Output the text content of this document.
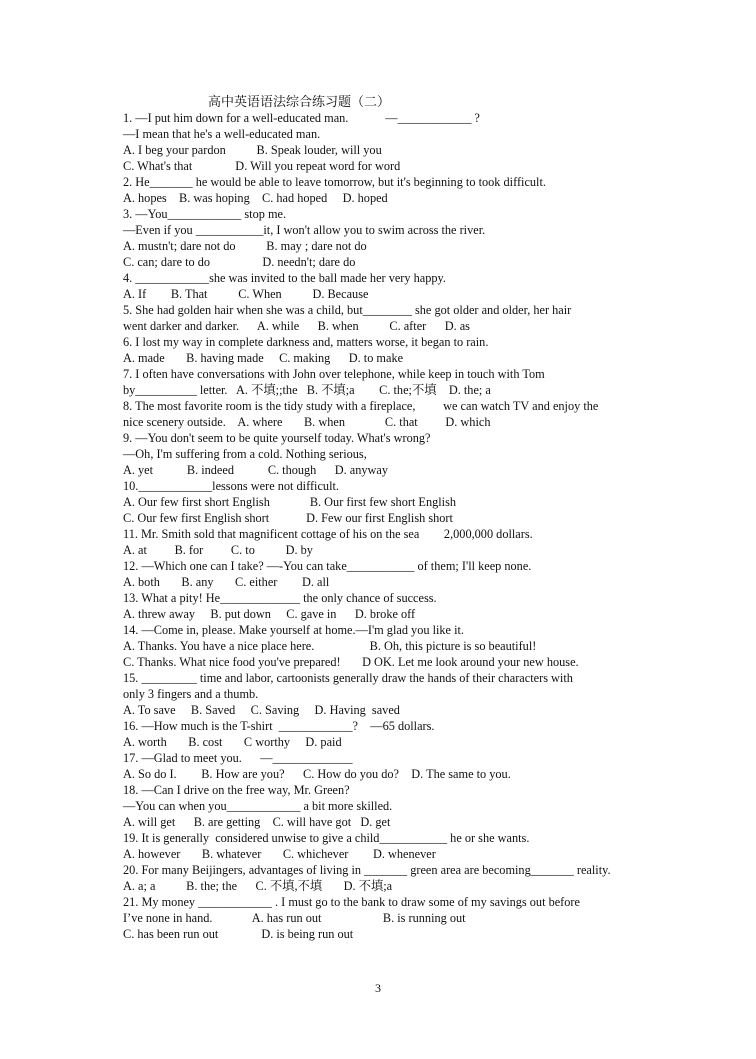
高中英语语法综合练习题（二）
1. —I put him down for a well-educated man.            —____________ ?
—I mean that he's a well-educated man.
A. I beg your pardon          B. Speak louder, will you
C. What's that              D. Will you repeat word for word
2. He_______ he would be able to leave tomorrow, but it's beginning to took difficult.
A. hopes    B. was hoping    C. had hoped     D. hoped
3. —You____________ stop me.
—Even if you ___________it, I won't allow you to swim across the river.
A. mustn't; dare not do          B. may ; dare not do
C. can; dare to do                 D. needn't; dare do
4. ____________she was invited to the ball made her very happy.
A. If        B. That          C. When          D. Because
5. She had golden hair when she was a child, but________ she got older and older, her hair
went darker and darker.      A. while      B. when          C. after      D. as
6. I lost my way in complete darkness and, matters worse, it began to rain.
A. made       B. having made     C. making      D. to make
7. I often have conversations with John over telephone, while keep in touch with Tom
by__________ letter.   A. 不填;;the   B. 不填;a        C. the;不填    D. the; a
8. The most favorite room is the tidy study with a fireplace,         we can watch TV and enjoy the
nice scenery outside.    A. where       B. when             C. that         D. which
9. —You don't seem to be quite yourself today. What's wrong?
—Oh, I'm suffering from a cold. Nothing serious,
A. yet           B. indeed           C. though      D. anyway
10.____________lessons were not difficult.
A. Our few first short English             B. Our first few short English
C. Our few first English short            D. Few our first English short
11. Mr. Smith sold that magnificent cottage of his on the sea        2,000,000 dollars.
A. at         B. for         C. to          D. by
12. —Which one can I take? —-You can take___________ of them; I'll keep none.
A. both       B. any       C. either        D. all
13. What a pity! He_____________ the only chance of success.
A. threw away     B. put down     C. gave in      D. broke off
14. —Come in, please. Make yourself at home.—I'm glad you like it.
A. Thanks. You have a nice place here.                  B. Oh, this picture is so beautiful!
C. Thanks. What nice food you've prepared!       D OK. Let me look around your new house.
15. _________ time and labor, cartoonists generally draw the hands of their characters with
only 3 fingers and a thumb.
A. To save     B. Saved     C. Saving     D. Having  saved
16. —How much is the T-shirt  ____________?    —65 dollars.
A. worth       B. cost       C worthy     D. paid
17. —Glad to meet you.      —_____________
A. So do I.        B. How are you?      C. How do you do?    D. The same to you.
18. —Can I drive on the free way, Mr. Green?
—You can when you____________ a bit more skilled.
A. will get      B. are getting    C. will have got   D. get
19. It is generally  considered unwise to give a child___________ he or she wants.
A. however       B. whatever       C. whichever        D. whenever
20. For many Beijingers, advantages of living in _______ green area are becoming_______ reality.
A. a; a          B. the; the      C. 不填,不填       D. 不填;a
21. My money ____________ . I must go to the bank to draw some of my savings out before
I’ve none in hand.             A. has run out                    B. is running out
C. has been run out              D. is being run out
3
